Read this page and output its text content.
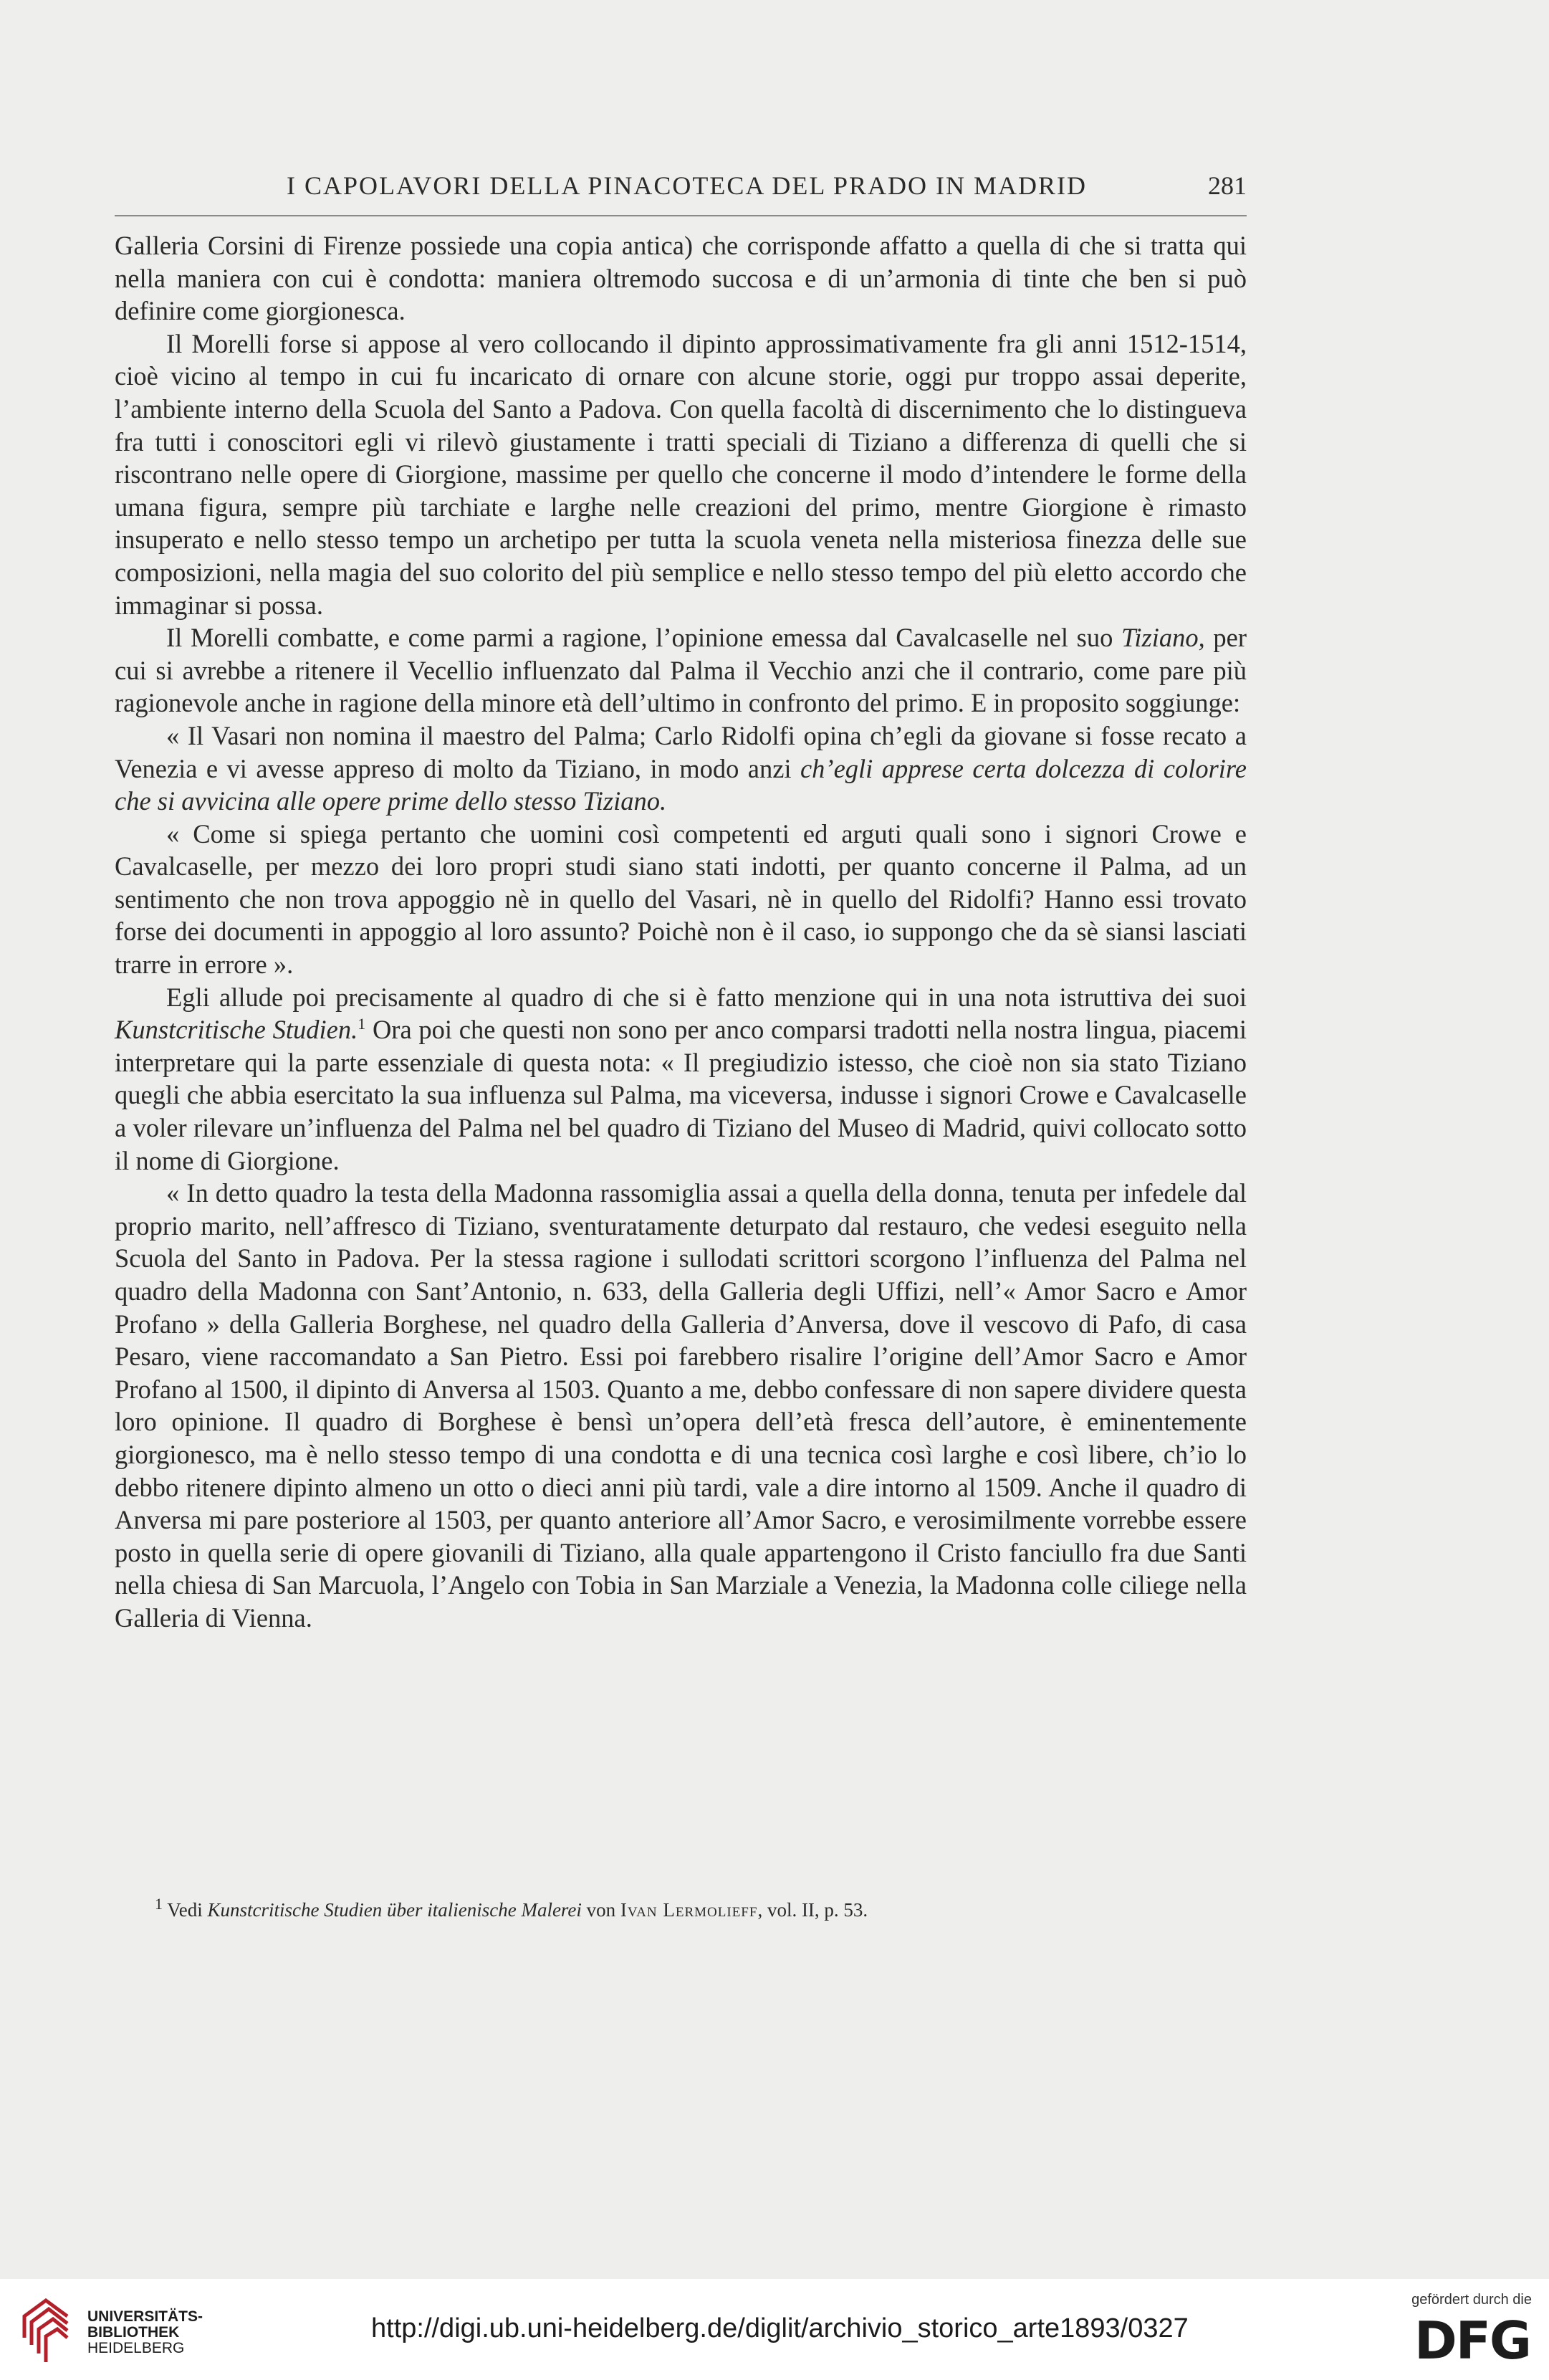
I CAPOLAVORI DELLA PINACOTECA DEL PRADO IN MADRID	281

Galleria Corsini di Firenze possiede una copia antica) che corrisponde affatto a quella di che si tratta qui nella maniera con cui è condotta: maniera oltremodo succosa e di un’armonia di tinte che ben si può definire come giorgionesca.

Il Morelli forse si appose al vero collocando il dipinto approssimativamente fra gli anni 1512-1514, cioè vicino al tempo in cui fu incaricato di ornare con alcune storie, oggi pur troppo assai deperite, l’ambiente interno della Scuola del Santo a Padova. Con quella facoltà di discernimento che lo distingueva fra tutti i conoscitori egli vi rilevò giustamente i tratti speciali di Tiziano a differenza di quelli che si riscontrano nelle opere di Giorgione, massime per quello che concerne il modo d’intendere le forme della umana figura, sempre più tarchiate e larghe nelle creazioni del primo, mentre Giorgione è rimasto insuperato e nello stesso tempo un archetipo per tutta la scuola veneta nella misteriosa finezza delle sue composizioni, nella magia del suo colorito del più semplice e nello stesso tempo del più eletto accordo che immaginar si possa.

Il Morelli combatte, e come parmi a ragione, l’opinione emessa dal Cavalcaselle nel suo Tiziano, per cui si avrebbe a ritenere il Vecellio influenzato dal Palma il Vecchio anzi che il contrario, come pare più ragionevole anche in ragione della minore età dell’ultimo in confronto del primo. E in proposito soggiunge:

« Il Vasari non nomina il maestro del Palma; Carlo Ridolfi opina ch’egli da giovane si fosse recato a Venezia e vi avesse appreso di molto da Tiziano, in modo anzi ch’egli apprese certa dolcezza di colorire che si avvicina alle opere prime dello stesso Tiziano.

« Come si spiega pertanto che uomini così competenti ed arguti quali sono i signori Crowe e Cavalcaselle, per mezzo dei loro propri studi siano stati indotti, per quanto concerne il Palma, ad un sentimento che non trova appoggio nè in quello del Vasari, nè in quello del Ridolfi? Hanno essi trovato forse dei documenti in appoggio al loro assunto? Poichè non è il caso, io suppongo che da sè siansi lasciati trarre in errore ».

Egli allude poi precisamente al quadro di che si è fatto menzione qui in una nota istruttiva dei suoi Kunstcritische Studien.$^1$ Ora poi che questi non sono per anco comparsi tradotti nella nostra lingua, piacemi interpretare qui la parte essenziale di questa nota: « Il pregiudizio istesso, che cioè non sia stato Tiziano quegli che abbia esercitato la sua influenza sul Palma, ma viceversa, indusse i signori Crowe e Cavalcaselle a voler rilevare un’influenza del Palma nel bel quadro di Tiziano del Museo di Madrid, quivi collocato sotto il nome di Giorgione.

« In detto quadro la testa della Madonna rassomiglia assai a quella della donna, tenuta per infedele dal proprio marito, nell’affresco di Tiziano, sventuratamente deturpato dal restauro, che vedesi eseguito nella Scuola del Santo in Padova. Per la stessa ragione i sullodati scrittori scorgono l’influenza del Palma nel quadro della Madonna con Sant’Antonio, n. 633, della Galleria degli Uffizi, nell’« Amor Sacro e Amor Profano » della Galleria Borghese, nel quadro della Galleria d’Anversa, dove il vescovo di Pafo, di casa Pesaro, viene raccomandato a San Pietro. Essi poi farebbero risalire l’origine dell’Amor Sacro e Amor Profano al 1500, il dipinto di Anversa al 1503. Quanto a me, debbo confessare di non sapere dividere questa loro opinione. Il quadro di Borghese è bensì un’opera dell’età fresca dell’autore, è eminentemente giorgionesco, ma è nello stesso tempo di una condotta e di una tecnica così larghe e così libere, ch’io lo debbo ritenere dipinto almeno un otto o dieci anni più tardi, vale a dire intorno al 1509. Anche il quadro di Anversa mi pare posteriore al 1503, per quanto anteriore all’Amor Sacro, e verosimilmente vorrebbe essere posto in quella serie di opere giovanili di Tiziano, alla quale appartengono il Cristo fanciullo fra due Santi nella chiesa di San Marcuola, l’Angelo con Tobia in San Marziale a Venezia, la Madonna colle ciliege nella Galleria di Vienna.

$^1$ Vedi Kunstcritische Studien über italienische Malerei von Ivan Lermolieff, vol. II, p. 53.
UNIVERSITÄTS-
BIBLIOTHEK
HEIDELBERG
http://digi.ub.uni-heidelberg.de/diglit/archivio_storico_arte1893/0327
gefördert durch die
DFG
